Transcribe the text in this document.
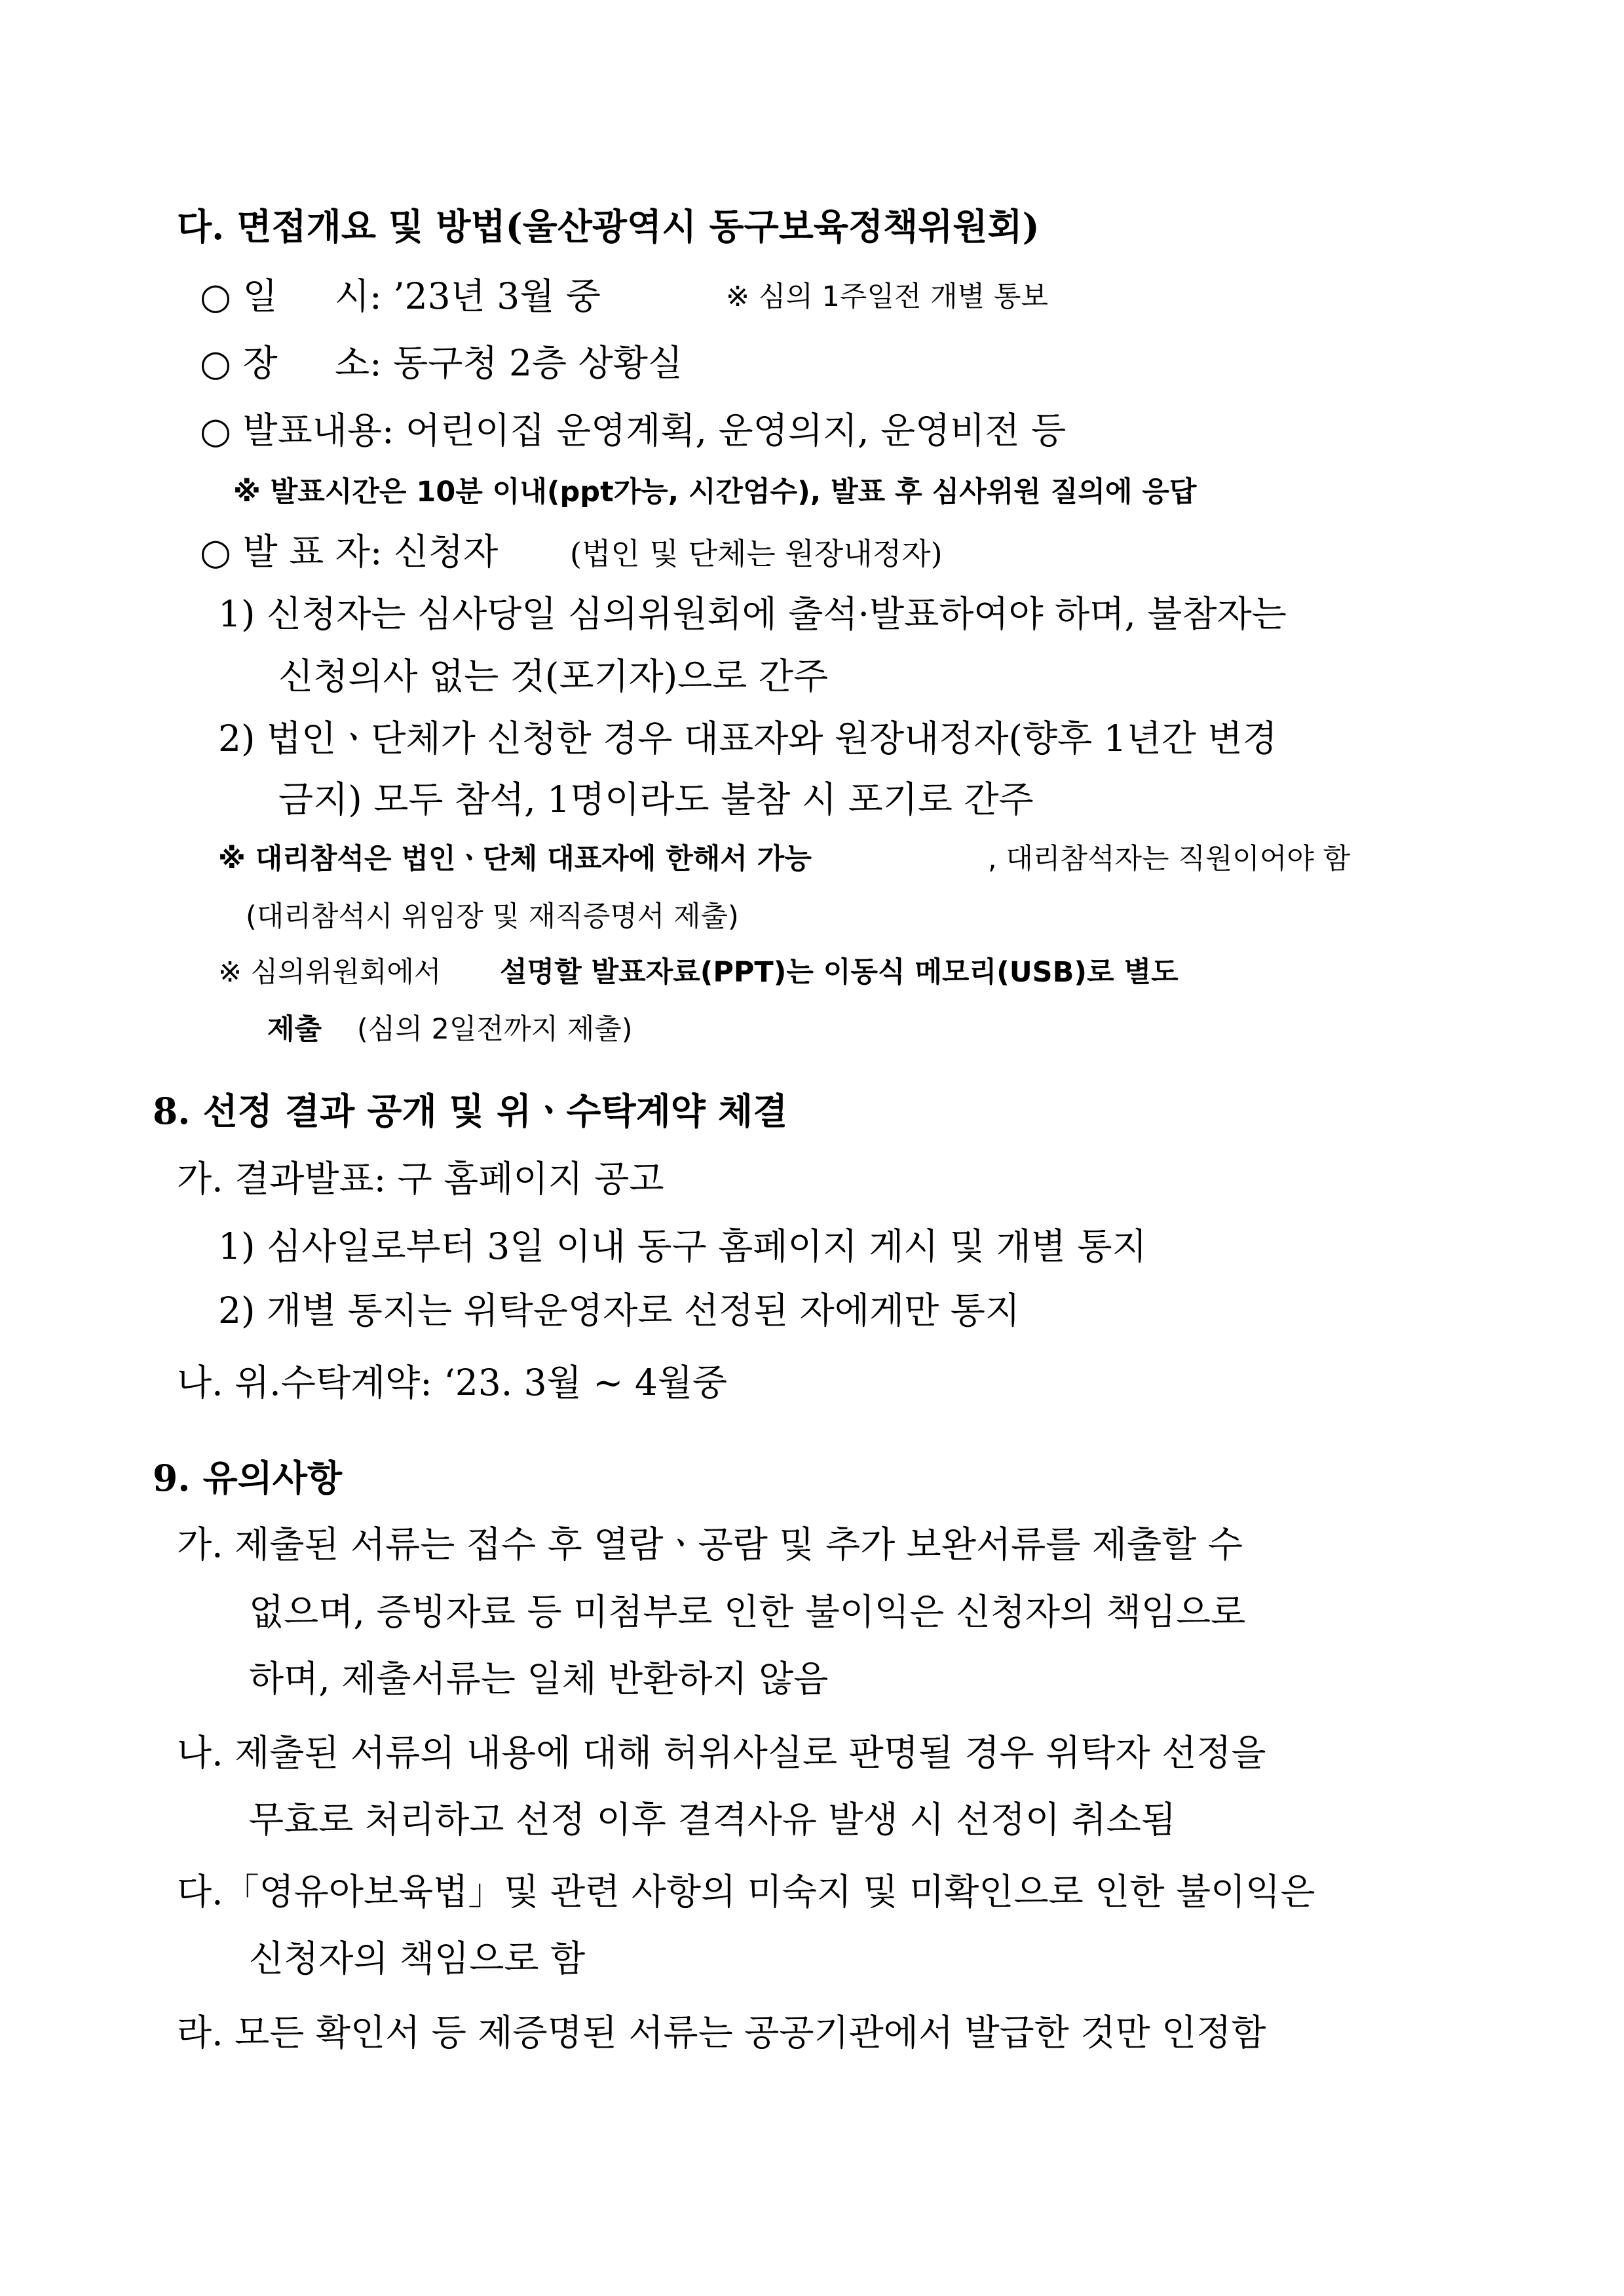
다. 면접개요 및 방법(울산광역시 동구보육정책위원회)
○ 일     시: ’23년 3월 중	※ 심의 1주일전 개별 통보
○ 장     소: 동구청 2층 상황실
○ 발표내용: 어린이집 운영계획, 운영의지, 운영비전 등
※ 발표시간은 10분 이내(ppt가능, 시간엄수), 발표 후 심사위원 질의에 응답
○ 발 표 자: 신청자 (법인 및 단체는 원장내정자)
1) 신청자는 심사당일 심의위원회에 출석·발표하여야 하며, 불참자는
신청의사 없는 것(포기자)으로 간주
2) 법인ㆍ단체가 신청한 경우 대표자와 원장내정자(향후 1년간 변경
금지) 모두 참석, 1명이라도 불참 시 포기로 간주
※ 대리참석은 법인ㆍ단체 대표자에 한해서 가능	, 대리참석자는 직원이어야 함
(대리참석시 위임장 및 재직증명서 제출)
※ 심의위원회에서 설명할 발표자료(PPT)는 이동식 메모리(USB)로 별도
제출 (심의 2일전까지 제출)
8. 선정 결과 공개 및 위ㆍ수탁계약 체결
가. 결과발표: 구 홈페이지 공고
1) 심사일로부터 3일 이내 동구 홈페이지 게시 및 개별 통지
2) 개별 통지는 위탁운영자로 선정된 자에게만 통지
나. 위.수탁계약: ‘23. 3월 ~ 4월중
9. 유의사항
가. 제출된 서류는 접수 후 열람ㆍ공람 및 추가 보완서류를 제출할 수
없으며, 증빙자료 등 미첨부로 인한 불이익은 신청자의 책임으로
하며, 제출서류는 일체 반환하지 않음
나. 제출된 서류의 내용에 대해 허위사실로 판명될 경우 위탁자 선정을
무효로 처리하고 선정 이후 결격사유 발생 시 선정이 취소됨
다.「영유아보육법」및 관련 사항의 미숙지 및 미확인으로 인한 불이익은
신청자의 책임으로 함
라. 모든 확인서 등 제증명된 서류는 공공기관에서 발급한 것만 인정함
